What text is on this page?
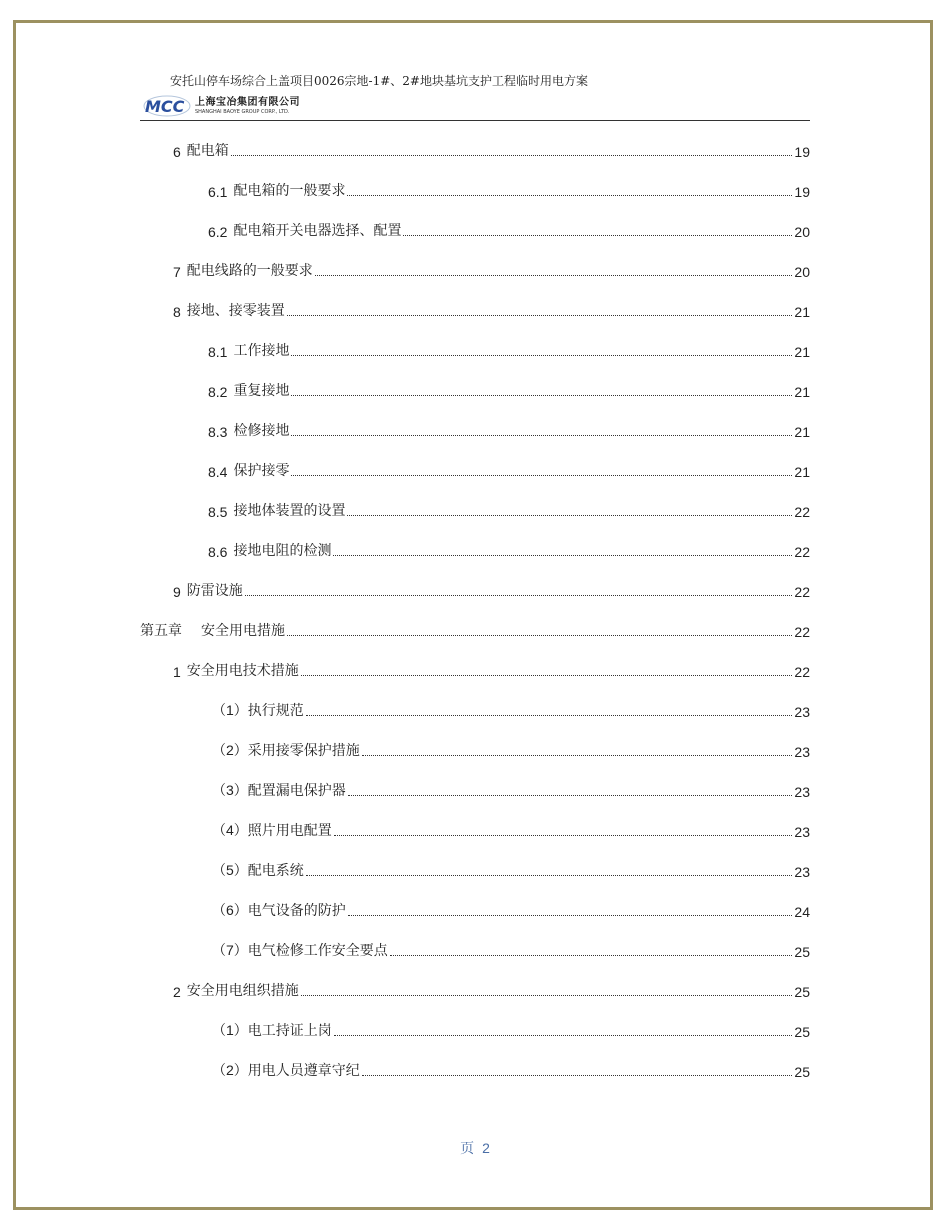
安托山停车场综合上盖项目0026宗地-1#、2#地块基坑支护工程临时用电方案
MCC 上海宝冶集团有限公司
SHANGHAI BAOYE GROUP CORP., LTD.
6 配电箱	19
6.1 配电箱的一般要求	19
6.2 配电箱开关电器选择、配置	20
7 配电线路的一般要求	20
8 接地、接零装置	21
8.1 工作接地	21
8.2 重复接地	21
8.3 检修接地	21
8.4 保护接零	21
8.5 接地体装置的设置	22
8.6 接地电阻的检测	22
9 防雷设施	22
第五章 安全用电措施	22
1 安全用电技术措施	22
（1） 执行规范	23
（2） 采用接零保护措施	23
（3） 配置漏电保护器	23
（4） 照片用电配置	23
（5） 配电系统	23
（6） 电气设备的防护	24
（7） 电气检修工作安全要点	25
2 安全用电组织措施	25
（1） 电工持证上岗	25
（2） 用电人员遵章守纪	25
页 2
